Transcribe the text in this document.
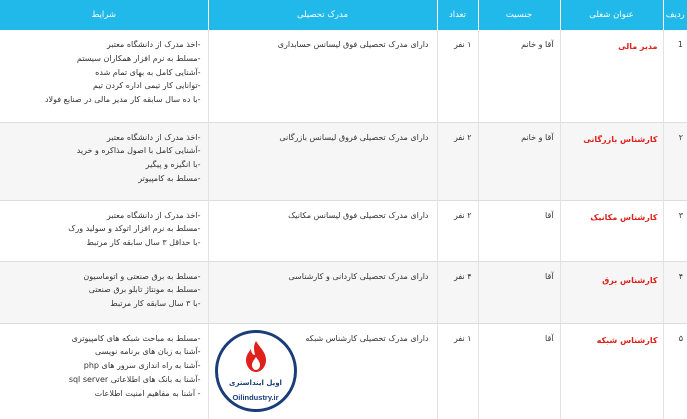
ردیف	عنوان شغلی	جنسیت	تعداد	مدرک تحصیلی	شرایط
1	مدیر مالی	آقا و خانم	۱ نفر	دارای مدرک تحصیلی فوق لیسانس حسابداری	-اخذ مدرک از دانشگاه معتبر
-مسلط به نرم افزار همکاران سیستم
-آشنایی کامل به بهای تمام شده
-توانایی کار تیمی اداره کردن تیم
-با ده سال سابقه کار مدیر مالی در صنایع فولاد

۲	کارشناس بازرگانی	آقا و خانم	۲ نفر	دارای مدرک تحصیلی فروق لیسانس بازرگانی	-اخذ مدرک از دانشگاه معتبر
-آشنایی کامل با اصول مذاکره و خرید
-با انگیزه و پیگیر
-مسلط به کامپیوتر

۳	کارشناس مکانیک	آقا	۲ نفر	دارای مدرک تحصیلی فوق لیسانس مکانیک	-اخذ مدرک از دانشگاه معتبر
-مسلط به نرم افزار اتوکد و سولید ورک
-با حداقل ۳ سال سابقه کار مرتبط

۴	کارشناس برق	آقا	۴ نفر	دارای مدرک تحصیلی کاردانی و کارشناسی	-مسلط به برق صنعتی و اتوماسیون
-مسلط به مونتاژ تابلو برق صنعتی
-با ۳ سال سابقه کار مرتبط

۵	کارشناس شبکه	آقا	۱ نفر	دارای مدرک تحصیلی کارشناس شبکه
اویل اینداستری
Oilindustry.ir	-مسلط به مباحث شبکه های کامپیوتری
-آشنا به زبان های برنامه نویسی
-آشنا به راه اندازی سرور های php
-آشنا به بانک های اطلاعاتی sql server
- آشنا به مفاهیم امنیت اطلاعات
